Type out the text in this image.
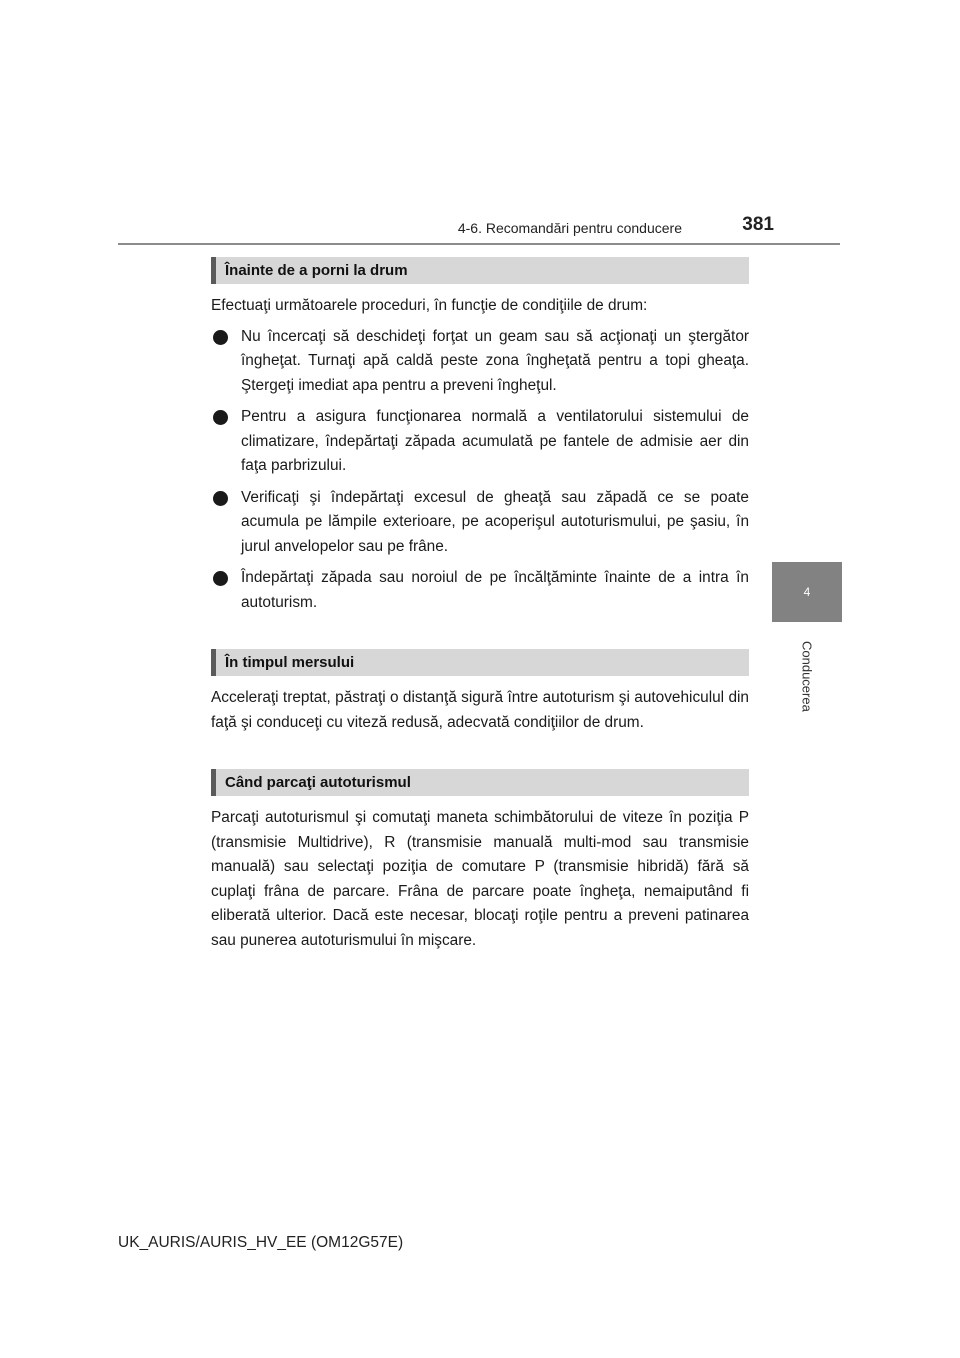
4-6. Recomandări pentru conducere	381
4
Conducerea
Înainte de a porni la drum

Efectuaţi următoarele proceduri, în funcţie de condiţiile de drum:

Nu încercaţi să deschideţi forţat un geam sau să acţionaţi un ştergător îngheţat. Turnaţi apă caldă peste zona îngheţată pentru a topi gheaţa. Ştergeţi imediat apa pentru a preveni îngheţul.
Pentru a asigura funcţionarea normală a ventilatorului sistemului de climatizare, îndepărtaţi zăpada acumulată pe fantele de admisie aer din faţa parbrizului.
Verificaţi şi îndepărtaţi excesul de gheaţă sau zăpadă ce se poate acumula pe lămpile exterioare, pe acoperişul autoturismului, pe şasiu, în jurul anvelopelor sau pe frâne.
Îndepărtaţi zăpada sau noroiul de pe încălţăminte înainte de a intra în autoturism.
În timpul mersului

Acceleraţi treptat, păstraţi o distanţă sigură între autoturism şi autovehiculul din faţă şi conduceţi cu viteză redusă, adecvată condiţiilor de drum.

Când parcaţi autoturismul

Parcaţi autoturismul şi comutaţi maneta schimbătorului de viteze în poziţia P (transmisie Multidrive), R (transmisie manuală multi-mod sau transmisie manuală) sau selectaţi poziţia de comutare P (transmisie hibridă) fără să cuplaţi frâna de parcare. Frâna de parcare poate îngheţa, nemaiputând fi eliberată ulterior. Dacă este necesar, blocaţi roţile pentru a preveni patinarea sau punerea autoturismului în mişcare.

UK_AURIS/AURIS_HV_EE (OM12G57E)
